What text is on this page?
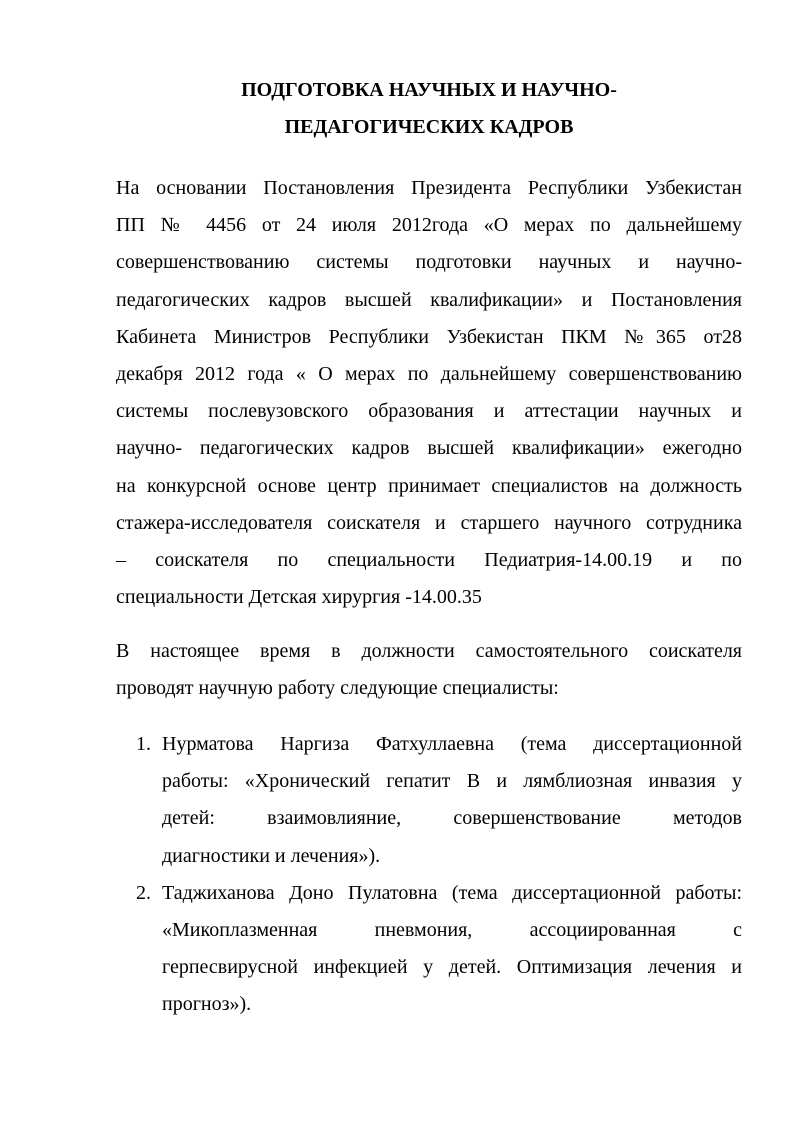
ПОДГОТОВКА НАУЧНЫХ И НАУЧНО-
ПЕДАГОГИЧЕСКИХ КАДРОВ
На основании Постановления Президента Республики Узбекистан
ПП № 4456 от 24 июля 2012года «О мерах по дальнейшему
совершенствованию системы подготовки научных и научно-
педагогических кадров высшей квалификации» и Постановления
Кабинета Министров Республики Узбекистан ПКМ №365 от28
декабря 2012 года « О мерах по дальнейшему совершенствованию
системы послевузовского образования и аттестации научных и
научно- педагогических кадров высшей квалификации» ежегодно
на конкурсной основе центр принимает специалистов на должность
стажера-исследователя соискателя и старшего научного сотрудника
– соискателя по специальности Педиатрия-14.00.19 и по
специальности Детская хирургия -14.00.35
В настоящее время в должности самостоятельного соискателя
проводят научную работу следующие специалисты:
1. Нурматова Наргиза Фатхуллаевна (тема диссертационной
работы: «Хронический гепатит В и лямблиозная инвазия у
детей: взаимовлияние, совершенствование методов
диагностики и лечения»).
2. Таджиханова Доно Пулатовна (тема диссертационной работы:
«Микоплазменная пневмония, ассоциированная с
герпесвирусной инфекцией у детей. Оптимизация лечения и
прогноз»).
